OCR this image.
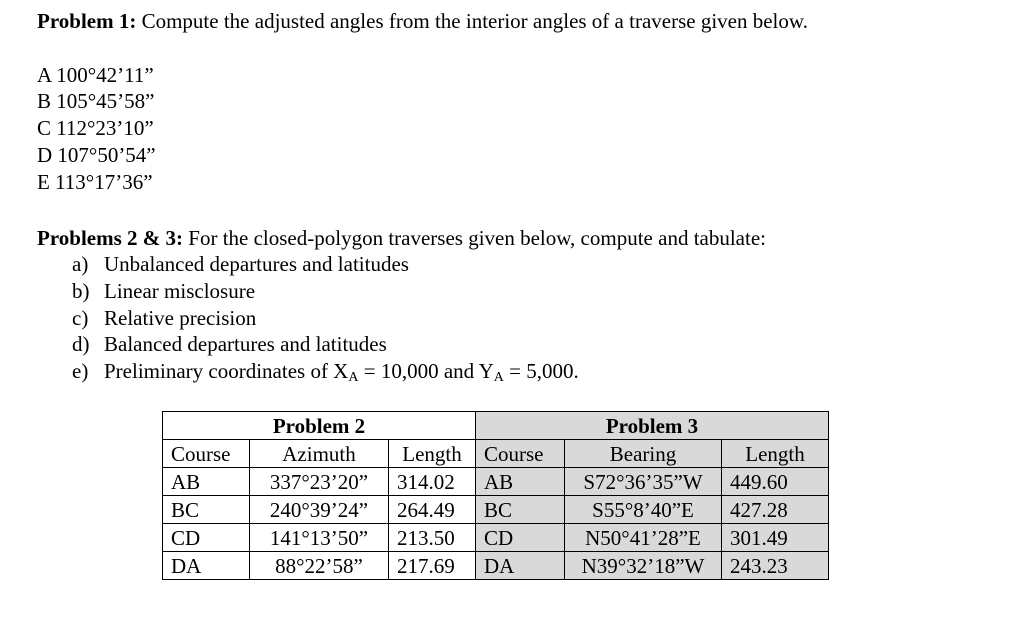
Problem 1: Compute the adjusted angles from the interior angles of a traverse given below.
A 100°42’11”
B 105°45’58”
C 112°23’10”
D 107°50’54”
E 113°17’36”
Problems 2 & 3: For the closed-polygon traverses given below, compute and tabulate:
a) Unbalanced departures and latitudes
b) Linear misclosure
c) Relative precision
d) Balanced departures and latitudes
e) Preliminary coordinates of $X_A = 10,000$ and $Y_A = 5,000$.
Problem 2			Problem 3		
Course	Azimuth	Length	Course	Bearing	Length
AB	337°23’20”	314.02	AB	S72°36’35”W	449.60
BC	240°39’24”	264.49	BC	S55°8’40”E	427.28
CD	141°13’50”	213.50	CD	N50°41’28”E	301.49
DA	88°22’58”	217.69	DA	N39°32’18”W	243.23
